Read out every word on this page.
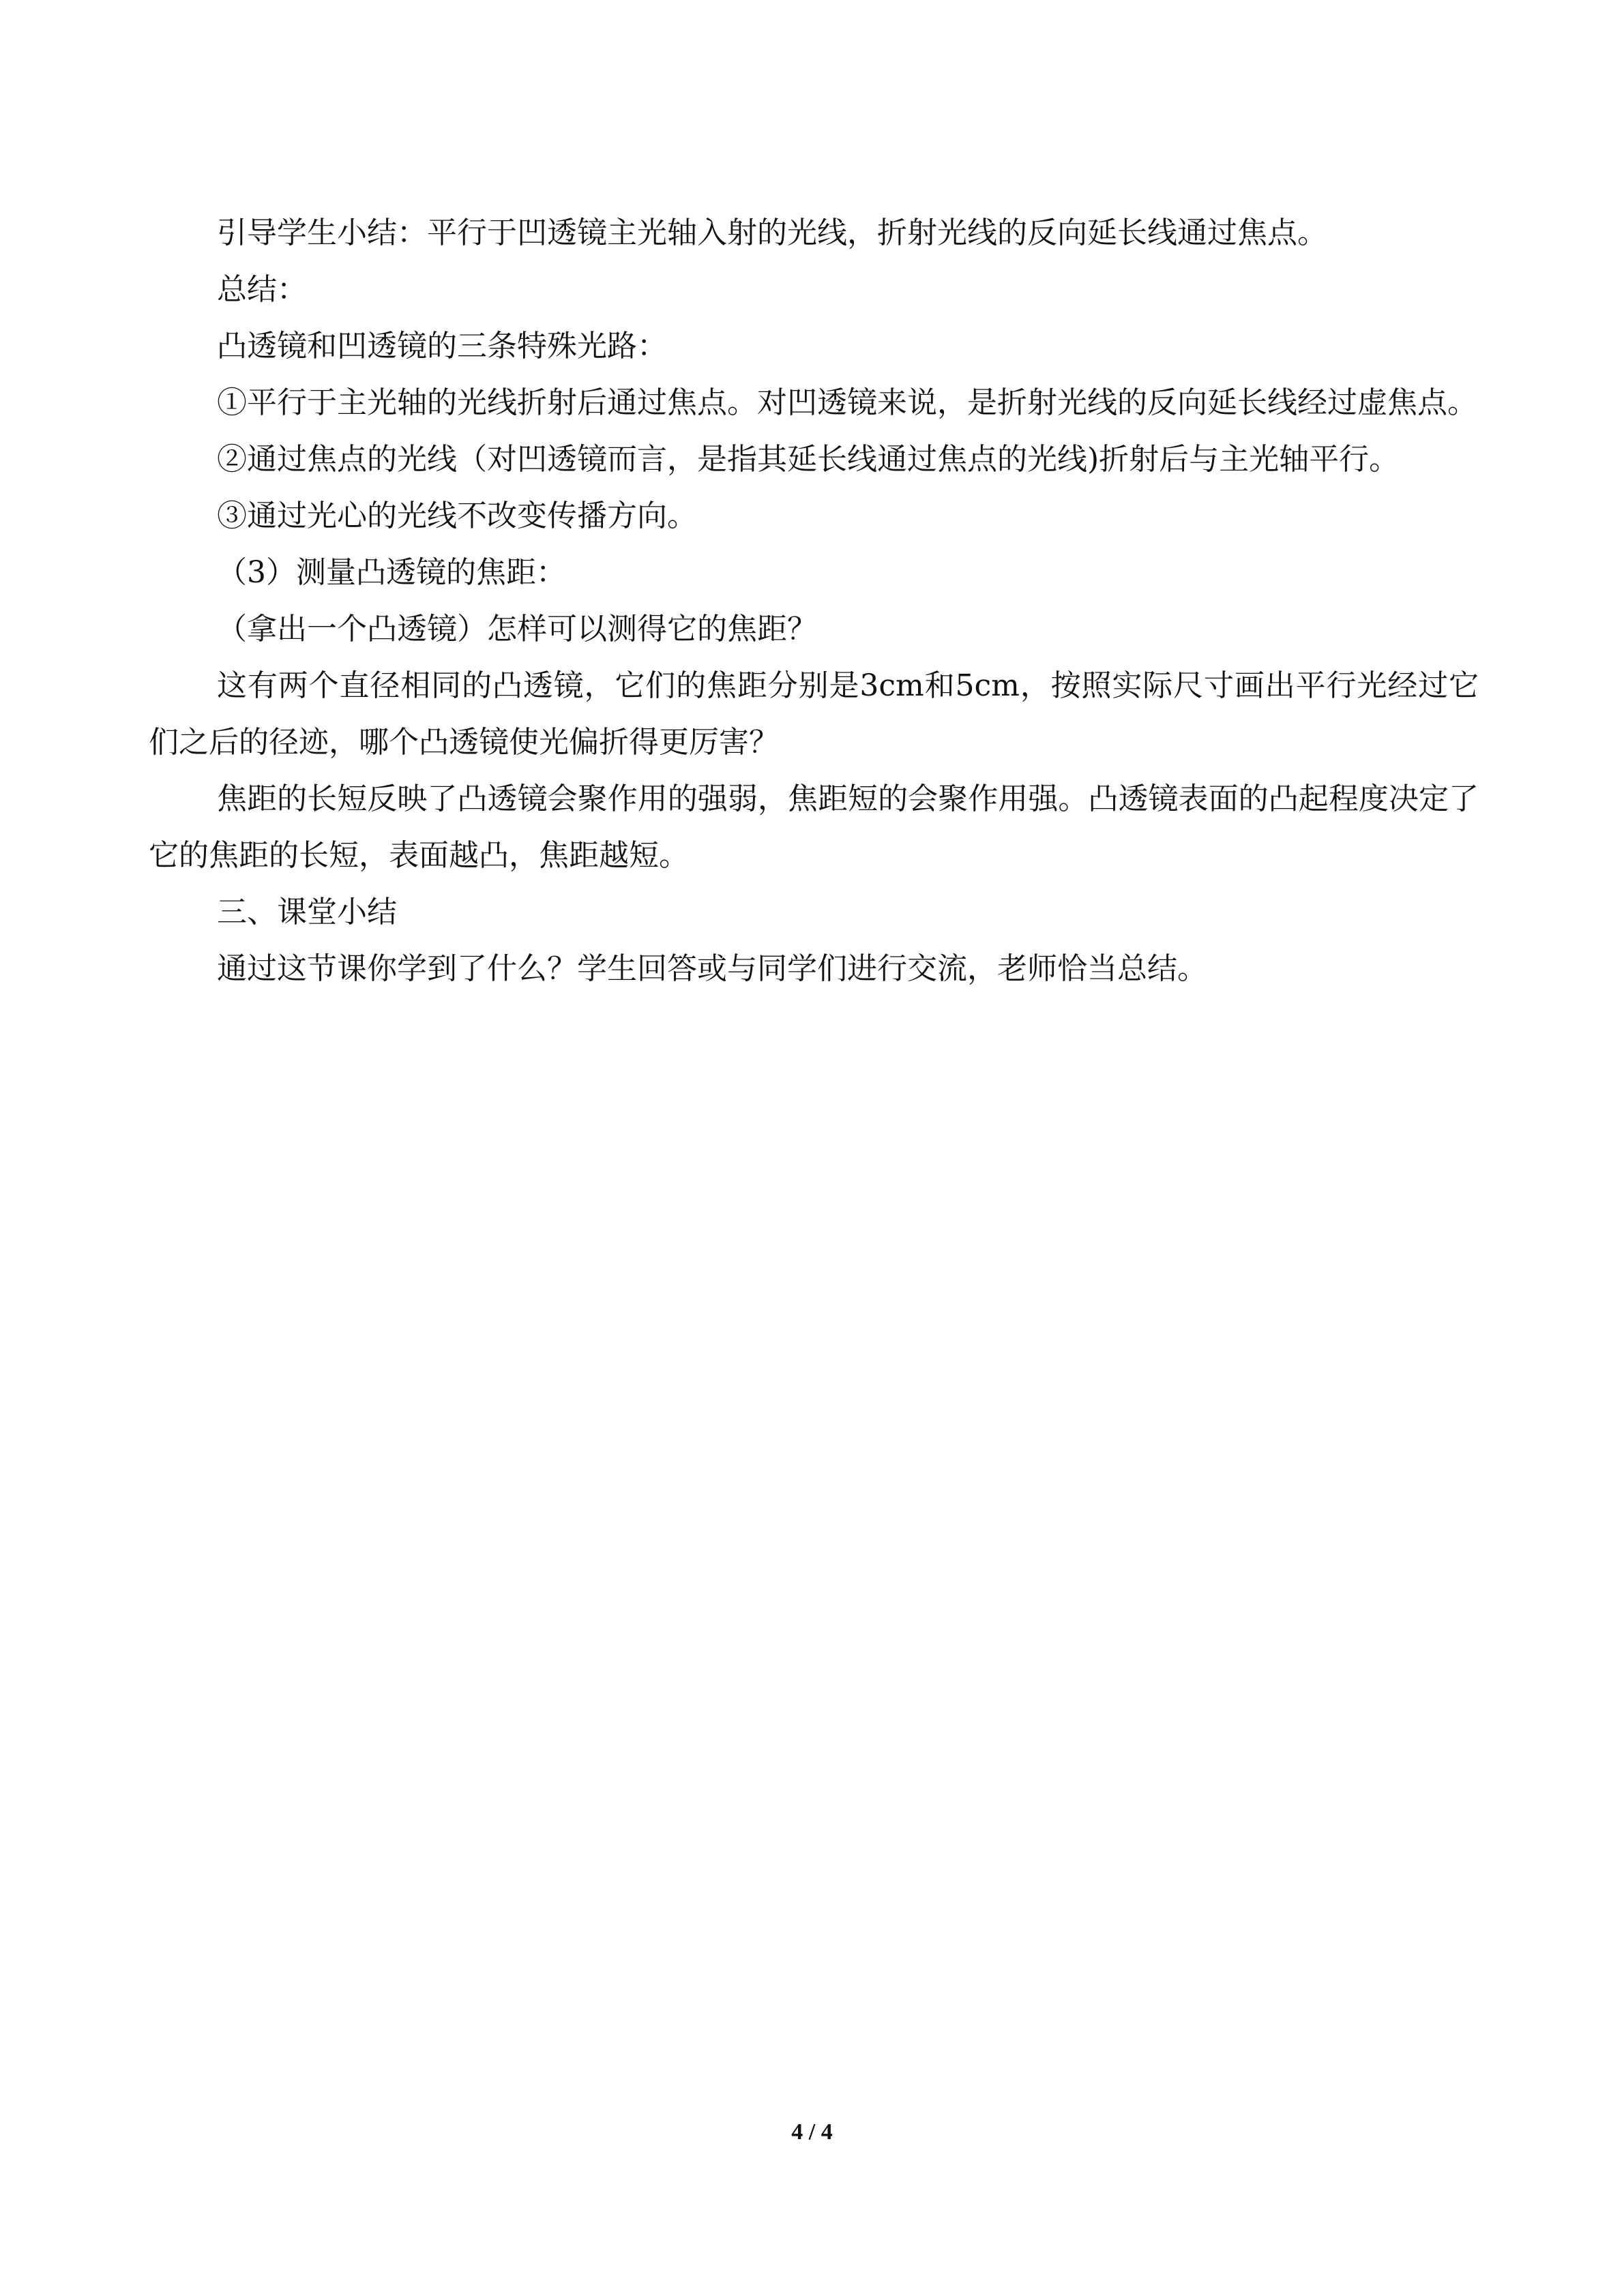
引导学生小结：平行于凹透镜主光轴入射的光线，折射光线的反向延长线通过焦点。

总结：

凸透镜和凹透镜的三条特殊光路：

①平行于主光轴的光线折射后通过焦点。对凹透镜来说，是折射光线的反向延长线经过虚焦点。

②通过焦点的光线（对凹透镜而言，是指其延长线通过焦点的光线)折射后与主光轴平行。

③通过光心的光线不改变传播方向。

（3）测量凸透镜的焦距：

（拿出一个凸透镜）怎样可以测得它的焦距？

这有两个直径相同的凸透镜，它们的焦距分别是3cm和5cm，按照实际尺寸画出平行光经过它们之后的径迹，哪个凸透镜使光偏折得更厉害？

焦距的长短反映了凸透镜会聚作用的强弱，焦距短的会聚作用强。凸透镜表面的凸起程度决定了它的焦距的长短，表面越凸，焦距越短。

三、课堂小结

通过这节课你学到了什么？学生回答或与同学们进行交流，老师恰当总结。

4 / 4
